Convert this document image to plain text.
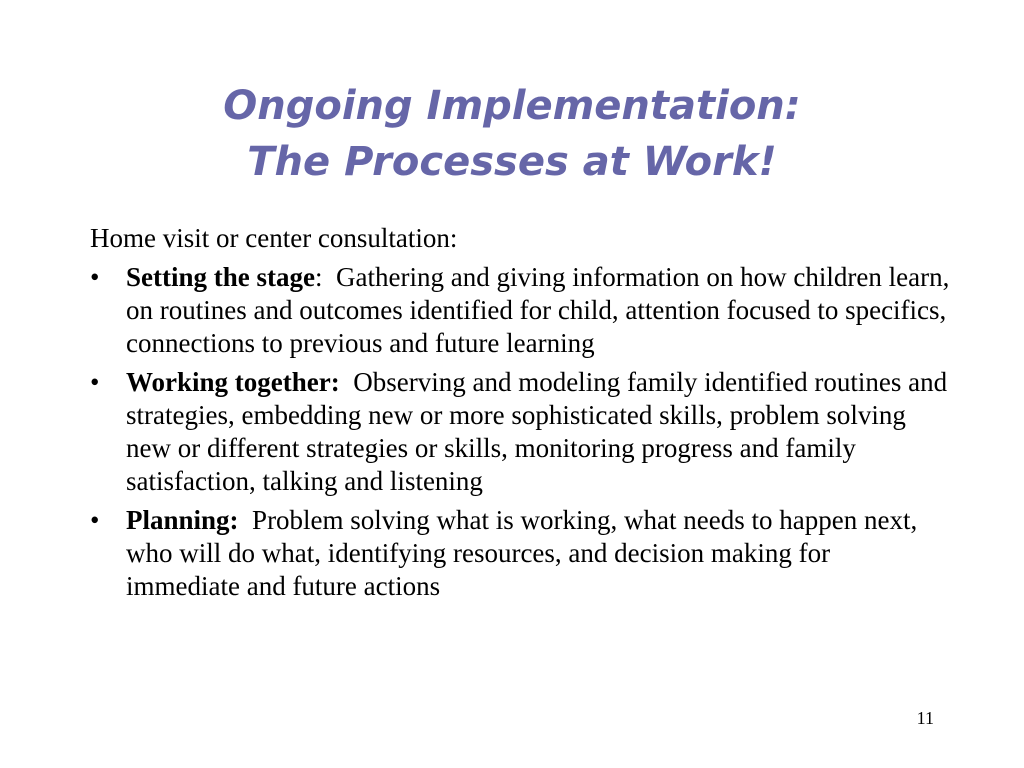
Ongoing Implementation:
The Processes at Work!

Home visit or center consultation:

• Setting the stage:  Gathering and giving information on how children learn, on routines and outcomes identified for child, attention focused to specifics, connections to previous and future learning
• Working together: Observing and modeling family identified routines and strategies, embedding new or more sophisticated skills, problem solving new or different strategies or skills, monitoring progress and family satisfaction, talking and listening
• Planning: Problem solving what is working, what needs to happen next, who will do what, identifying resources, and decision making for immediate and future actions
11
